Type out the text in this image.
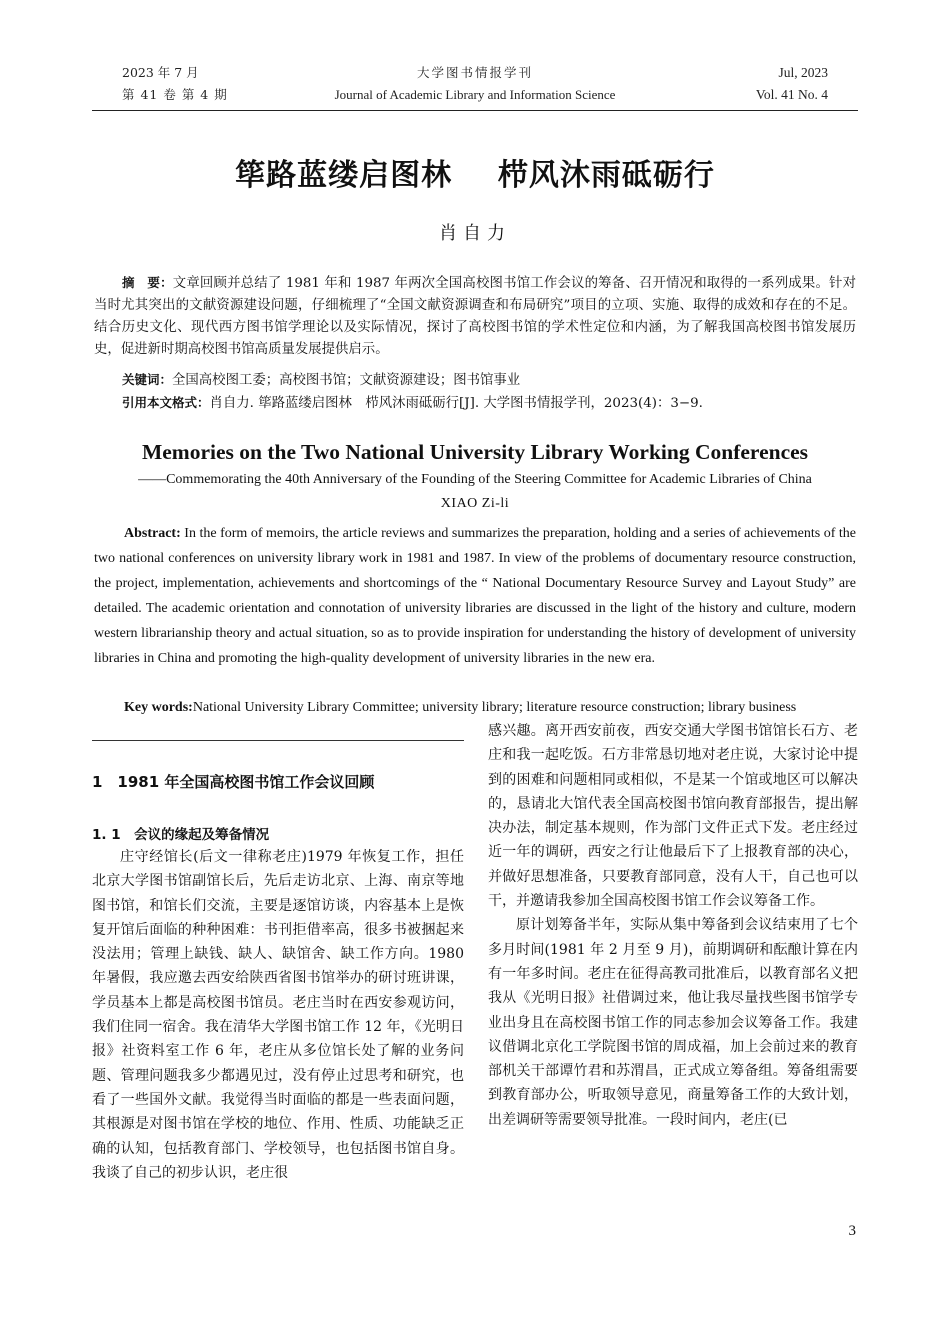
2023 年 7 月
第 41 卷 第 4 期
大学图书情报学刊
Journal of Academic Library and Information Science
Jul, 2023
Vol. 41 No. 4
筚路蓝缕启图林    栉风沐雨砥砺行
肖自力

摘　要：文章回顾并总结了 1981 年和 1987 年两次全国高校图书馆工作会议的筹备、召开情况和取得的一系列成果。针对当时尤其突出的文献资源建设问题，仔细梳理了“全国文献资源调查和布局研究”项目的立项、实施、取得的成效和存在的不足。结合历史文化、现代西方图书馆学理论以及实际情况，探讨了高校图书馆的学术性定位和内涵，为了解我国高校图书馆发展历史，促进新时期高校图书馆高质量发展提供启示。

关键词：全国高校图工委；高校图书馆；文献资源建设；图书馆事业
引用本文格式：肖自力. 筚路蓝缕启图林　栉风沐雨砥砺行[J]. 大学图书情报学刊，2023(4)：3−9.
Memories on the Two National University Library Working Conferences
——Commemorating the 40th Anniversary of the Founding of the Steering Committee for Academic Libraries of China
XIAO Zi-li

Abstract: In the form of memoirs, the article reviews and summarizes the preparation, holding and a series of achievements of the two national conferences on university library work in 1981 and 1987. In view of the problems of documentary resource construction, the project, implementation, achievements and shortcomings of the “ National Documentary Resource Survey and Layout Study” are detailed. The academic orientation and connotation of university libraries are discussed in the light of the history and culture, modern western librarianship theory and actual situation, so as to provide inspiration for understanding the history of development of university libraries in China and promoting the high-quality development of university libraries in the new era.

Key words:National University Library Committee; university library; literature resource construction; library business
1　1981 年全国高校图书馆工作会议回顾
1. 1　会议的缘起及筹备情况

庄守经馆长(后文一律称老庄)1979 年恢复工作，担任北京大学图书馆副馆长后，先后走访北京、上海、南京等地图书馆，和馆长们交流，主要是逐馆访谈，内容基本上是恢复开馆后面临的种种困难：书刊拒借率高，很多书被捆起来没法用；管理上缺钱、缺人、缺馆舍、缺工作方向。1980 年暑假，我应邀去西安给陕西省图书馆举办的研讨班讲课，学员基本上都是高校图书馆员。老庄当时在西安参观访问，我们住同一宿舍。我在清华大学图书馆工作 12 年，《光明日报》社资料室工作 6 年，老庄从多位馆长处了解的业务问题、管理问题我多少都遇见过，没有停止过思考和研究，也看了一些国外文献。我觉得当时面临的都是一些表面问题，其根源是对图书馆在学校的地位、作用、性质、功能缺乏正确的认知，包括教育部门、学校领导，也包括图书馆自身。我谈了自己的初步认识，老庄很

感兴趣。离开西安前夜，西安交通大学图书馆馆长石方、老庄和我一起吃饭。石方非常恳切地对老庄说，大家讨论中提到的困难和问题相同或相似，不是某一个馆或地区可以解决的，恳请北大馆代表全国高校图书馆向教育部报告，提出解决办法，制定基本规则，作为部门文件正式下发。老庄经过近一年的调研，西安之行让他最后下了上报教育部的决心，并做好思想准备，只要教育部同意，没有人干，自己也可以干，并邀请我参加全国高校图书馆工作会议筹备工作。

原计划筹备半年，实际从集中筹备到会议结束用了七个多月时间(1981 年 2 月至 9 月)，前期调研和酝酿计算在内有一年多时间。老庄在征得高教司批准后，以教育部名义把我从《光明日报》社借调过来，他让我尽量找些图书馆学专业出身且在高校图书馆工作的同志参加会议筹备工作。我建议借调北京化工学院图书馆的周成福，加上会前过来的教育部机关干部谭竹君和苏渭昌，正式成立筹备组。筹备组需要到教育部办公，听取领导意见，商量筹备工作的大致计划，出差调研等需要领导批准。一段时间内，老庄(已

3
